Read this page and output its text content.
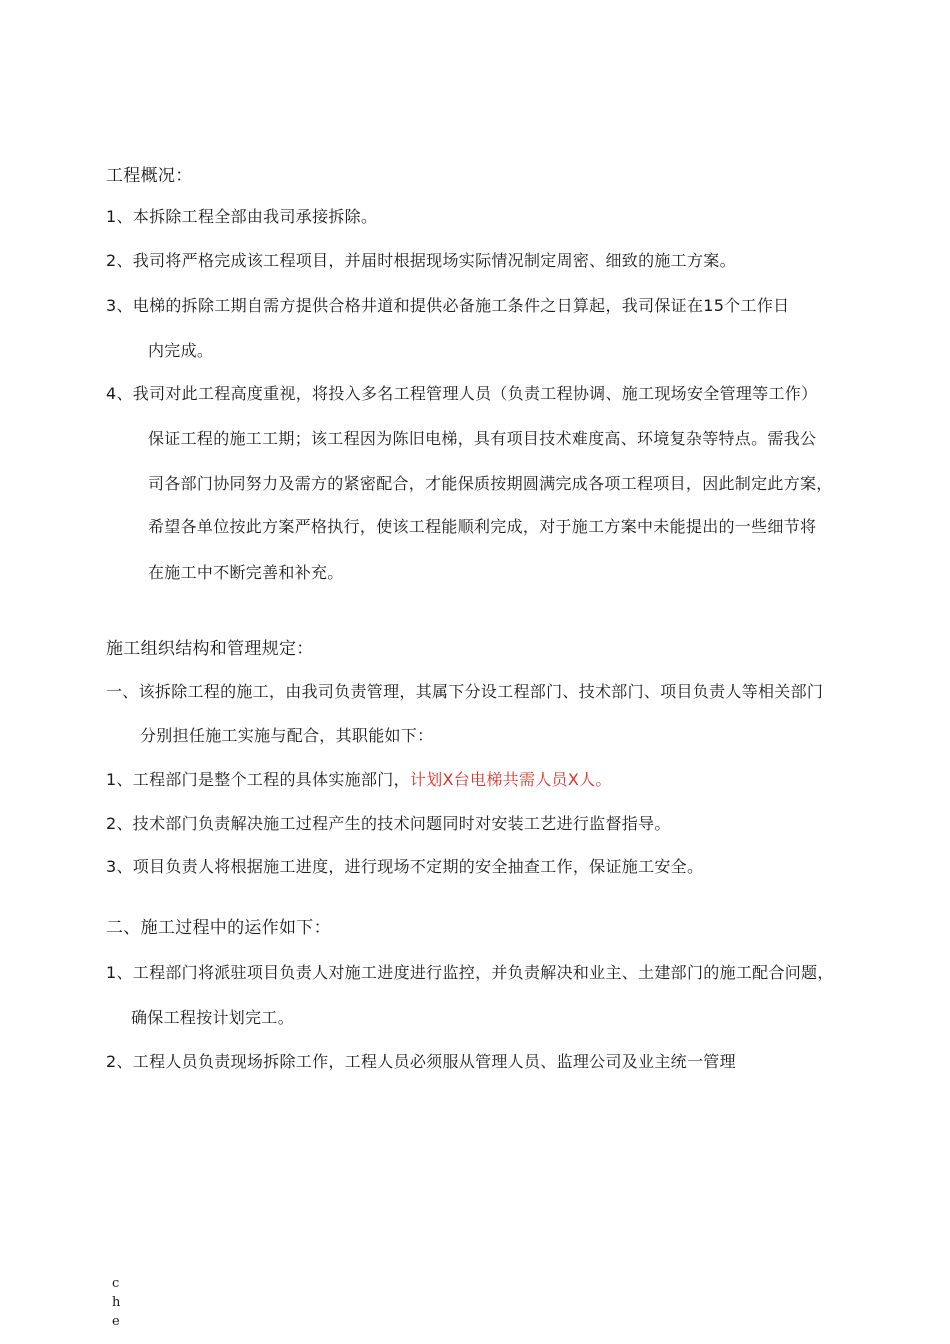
工程概况：
1、本拆除工程全部由我司承接拆除。
2、我司将严格完成该工程项目，并届时根据现场实际情况制定周密、细致的施工方案。
3、电梯的拆除工期自需方提供合格井道和提供必备施工条件之日算起，我司保证在15个工作日
内完成。
4、我司对此工程高度重视，将投入多名工程管理人员（负责工程协调、施工现场安全管理等工作）
保证工程的施工工期；该工程因为陈旧电梯，具有项目技术难度高、环境复杂等特点。需我公
司各部门协同努力及需方的紧密配合，才能保质按期圆满完成各项工程项目，因此制定此方案，
希望各单位按此方案严格执行，使该工程能顺利完成，对于施工方案中未能提出的一些细节将
在施工中不断完善和补充。
施工组织结构和管理规定：
一、该拆除工程的施工，由我司负责管理，其属下分设工程部门、技术部门、项目负责人等相关部门
分别担任施工实施与配合，其职能如下：
1、工程部门是整个工程的具体实施部门，计划X台电梯共需人员X人。
2、技术部门负责解决施工过程产生的技术问题同时对安装工艺进行监督指导。
3、项目负责人将根据施工进度，进行现场不定期的安全抽查工作，保证施工安全。
二、施工过程中的运作如下：
1、工程部门将派驻项目负责人对施工进度进行监控，并负责解决和业主、土建部门的施工配合问题，
确保工程按计划完工。
2、工程人员负责现场拆除工作，工程人员必须服从管理人员、监理公司及业主统一管理
che
